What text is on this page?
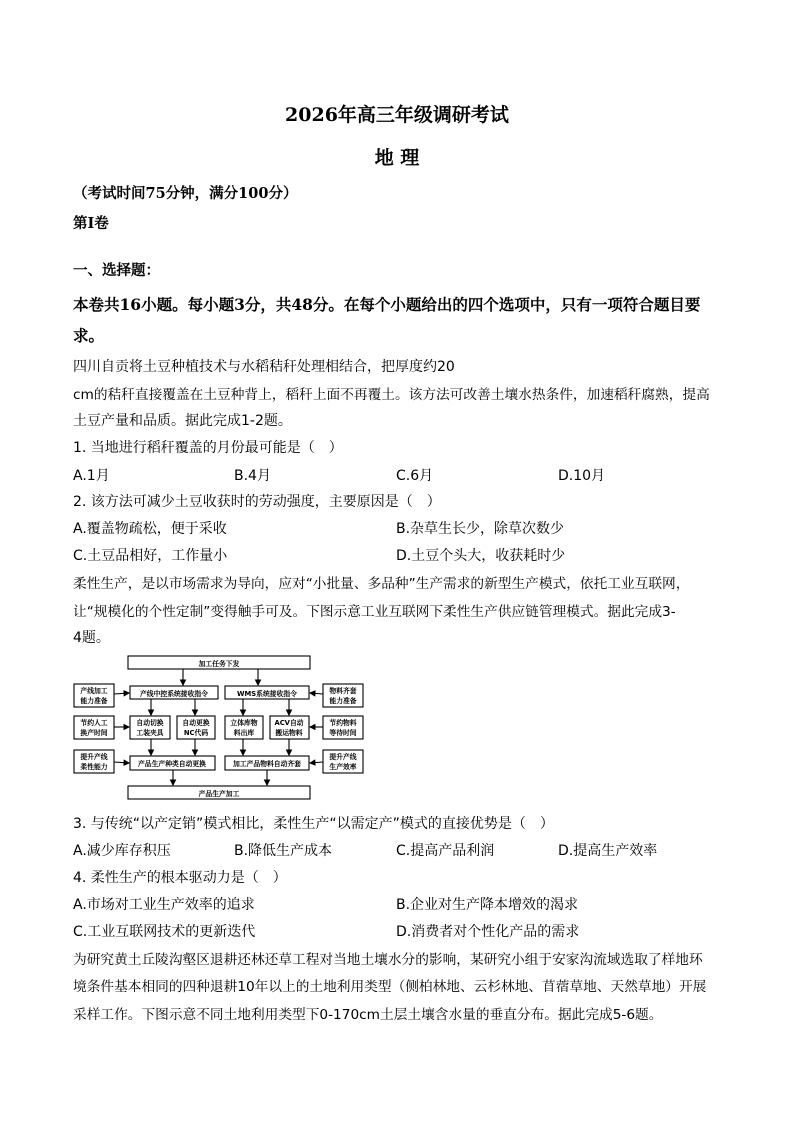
2026年高三年级调研考试
地 理
（考试时间75分钟，满分100分）
第Ⅰ卷
一、选择题：
本卷共16小题。每小题3分，共48分。在每个小题给出的四个选项中，只有一项符合题目要
求。
四川自贡将土豆种植技术与水稻秸秆处理相结合，把厚度约20
cm的秸秆直接覆盖在土豆种背上，稻秆上面不再覆土。该方法可改善土壤水热条件，加速稻秆腐熟，提高
土豆产量和品质。据此完成1-2题。
1. 当地进行稻秆覆盖的月份最可能是（　）
A.1月	B.4月	C.6月	D.10月
2. 该方法可减少土豆收获时的劳动强度，主要原因是（　）
A.覆盖物疏松，便于采收	B.杂草生长少，除草次数少
C.土豆品相好，工作量小	D.土豆个头大，收获耗时少
柔性生产，是以市场需求为导向，应对“小批量、多品种”生产需求的新型生产模式，依托工业互联网，
让“规模化的个性定制”变得触手可及。下图示意工业互联网下柔性生产供应链管理模式。据此完成3-
4题。
加工任务下发
产线中控系统接收指令	WMS系统接收指令
自动切换
工装夹具
自动更换
NC代码
立体库物
料出库
ACV自动
搬运物料
产品生产种类自动更换	加工产品物料自动齐套
产品生产加工
产线加工
能力准备
节约人工
换产时间
提升产线
柔性能力
物料齐套
能力准备
节约物料
等待时间
提升产线
生产效率
3. 与传统“以产定销”模式相比，柔性生产“以需定产”模式的直接优势是（　）
A.减少库存积压	B.降低生产成本	C.提高产品利润	D.提高生产效率
4. 柔性生产的根本驱动力是（　）
A.市场对工业生产效率的追求	B.企业对生产降本增效的渴求
C.工业互联网技术的更新迭代	D.消费者对个性化产品的需求
为研究黄土丘陵沟壑区退耕还林还草工程对当地土壤水分的影响，某研究小组于安家沟流域选取了样地环
境条件基本相同的四种退耕10年以上的土地利用类型（侧柏林地、云杉林地、苜蓿草地、天然草地）开展
采样工作。下图示意不同土地利用类型下0-170cm土层土壤含水量的垂直分布。据此完成5-6题。
